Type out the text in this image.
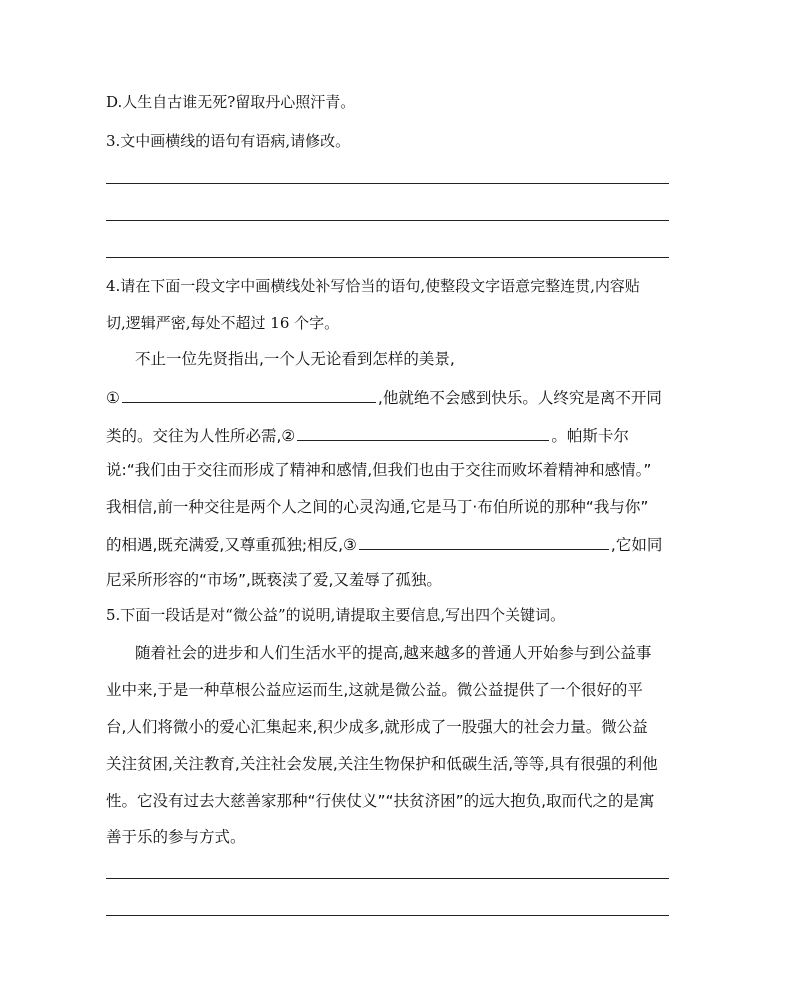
D.人生自古谁无死?留取丹心照汗青。
3.文中画横线的语句有语病,请修改。
4.请在下面一段文字中画横线处补写恰当的语句,使整段文字语意完整连贯,内容贴
切,逻辑严密,每处不超过 16 个字。
不止一位先贤指出,一个人无论看到怎样的美景,
①	,他就绝不会感到快乐。人终究是离不开同
类的。交往为人性所必需,②	。帕斯卡尔
说:“我们由于交往而形成了精神和感情,但我们也由于交往而败坏着精神和感情。”
我相信,前一种交往是两个人之间的心灵沟通,它是马丁·布伯所说的那种“我与你”
的相遇,既充满爱,又尊重孤独;相反,③	,它如同
尼采所形容的“市场”,既亵渎了爱,又羞辱了孤独。
5.下面一段话是对“微公益”的说明,请提取主要信息,写出四个关键词。
随着社会的进步和人们生活水平的提高,越来越多的普通人开始参与到公益事
业中来,于是一种草根公益应运而生,这就是微公益。微公益提供了一个很好的平
台,人们将微小的爱心汇集起来,积少成多,就形成了一股强大的社会力量。微公益
关注贫困,关注教育,关注社会发展,关注生物保护和低碳生活,等等,具有很强的利他
性。它没有过去大慈善家那种“行侠仗义”“扶贫济困”的远大抱负,取而代之的是寓
善于乐的参与方式。
